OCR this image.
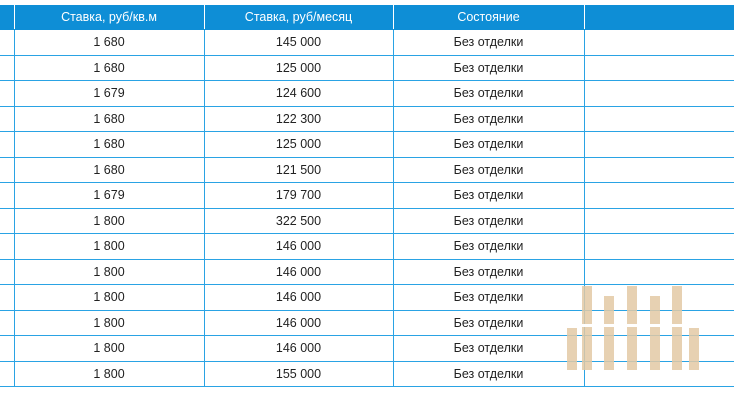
	Ставка, руб/кв.м	Ставка, руб/месяц	Состояние	
	1 680	145 000	Без отделки	
	1 680	125 000	Без отделки	
	1 679	124 600	Без отделки	
	1 680	122 300	Без отделки	
	1 680	125 000	Без отделки	
	1 680	121 500	Без отделки	
	1 679	179 700	Без отделки	
	1 800	322 500	Без отделки	
	1 800	146 000	Без отделки	
	1 800	146 000	Без отделки	
	1 800	146 000	Без отделки	
	1 800	146 000	Без отделки	
	1 800	146 000	Без отделки	
	1 800	155 000	Без отделки	
